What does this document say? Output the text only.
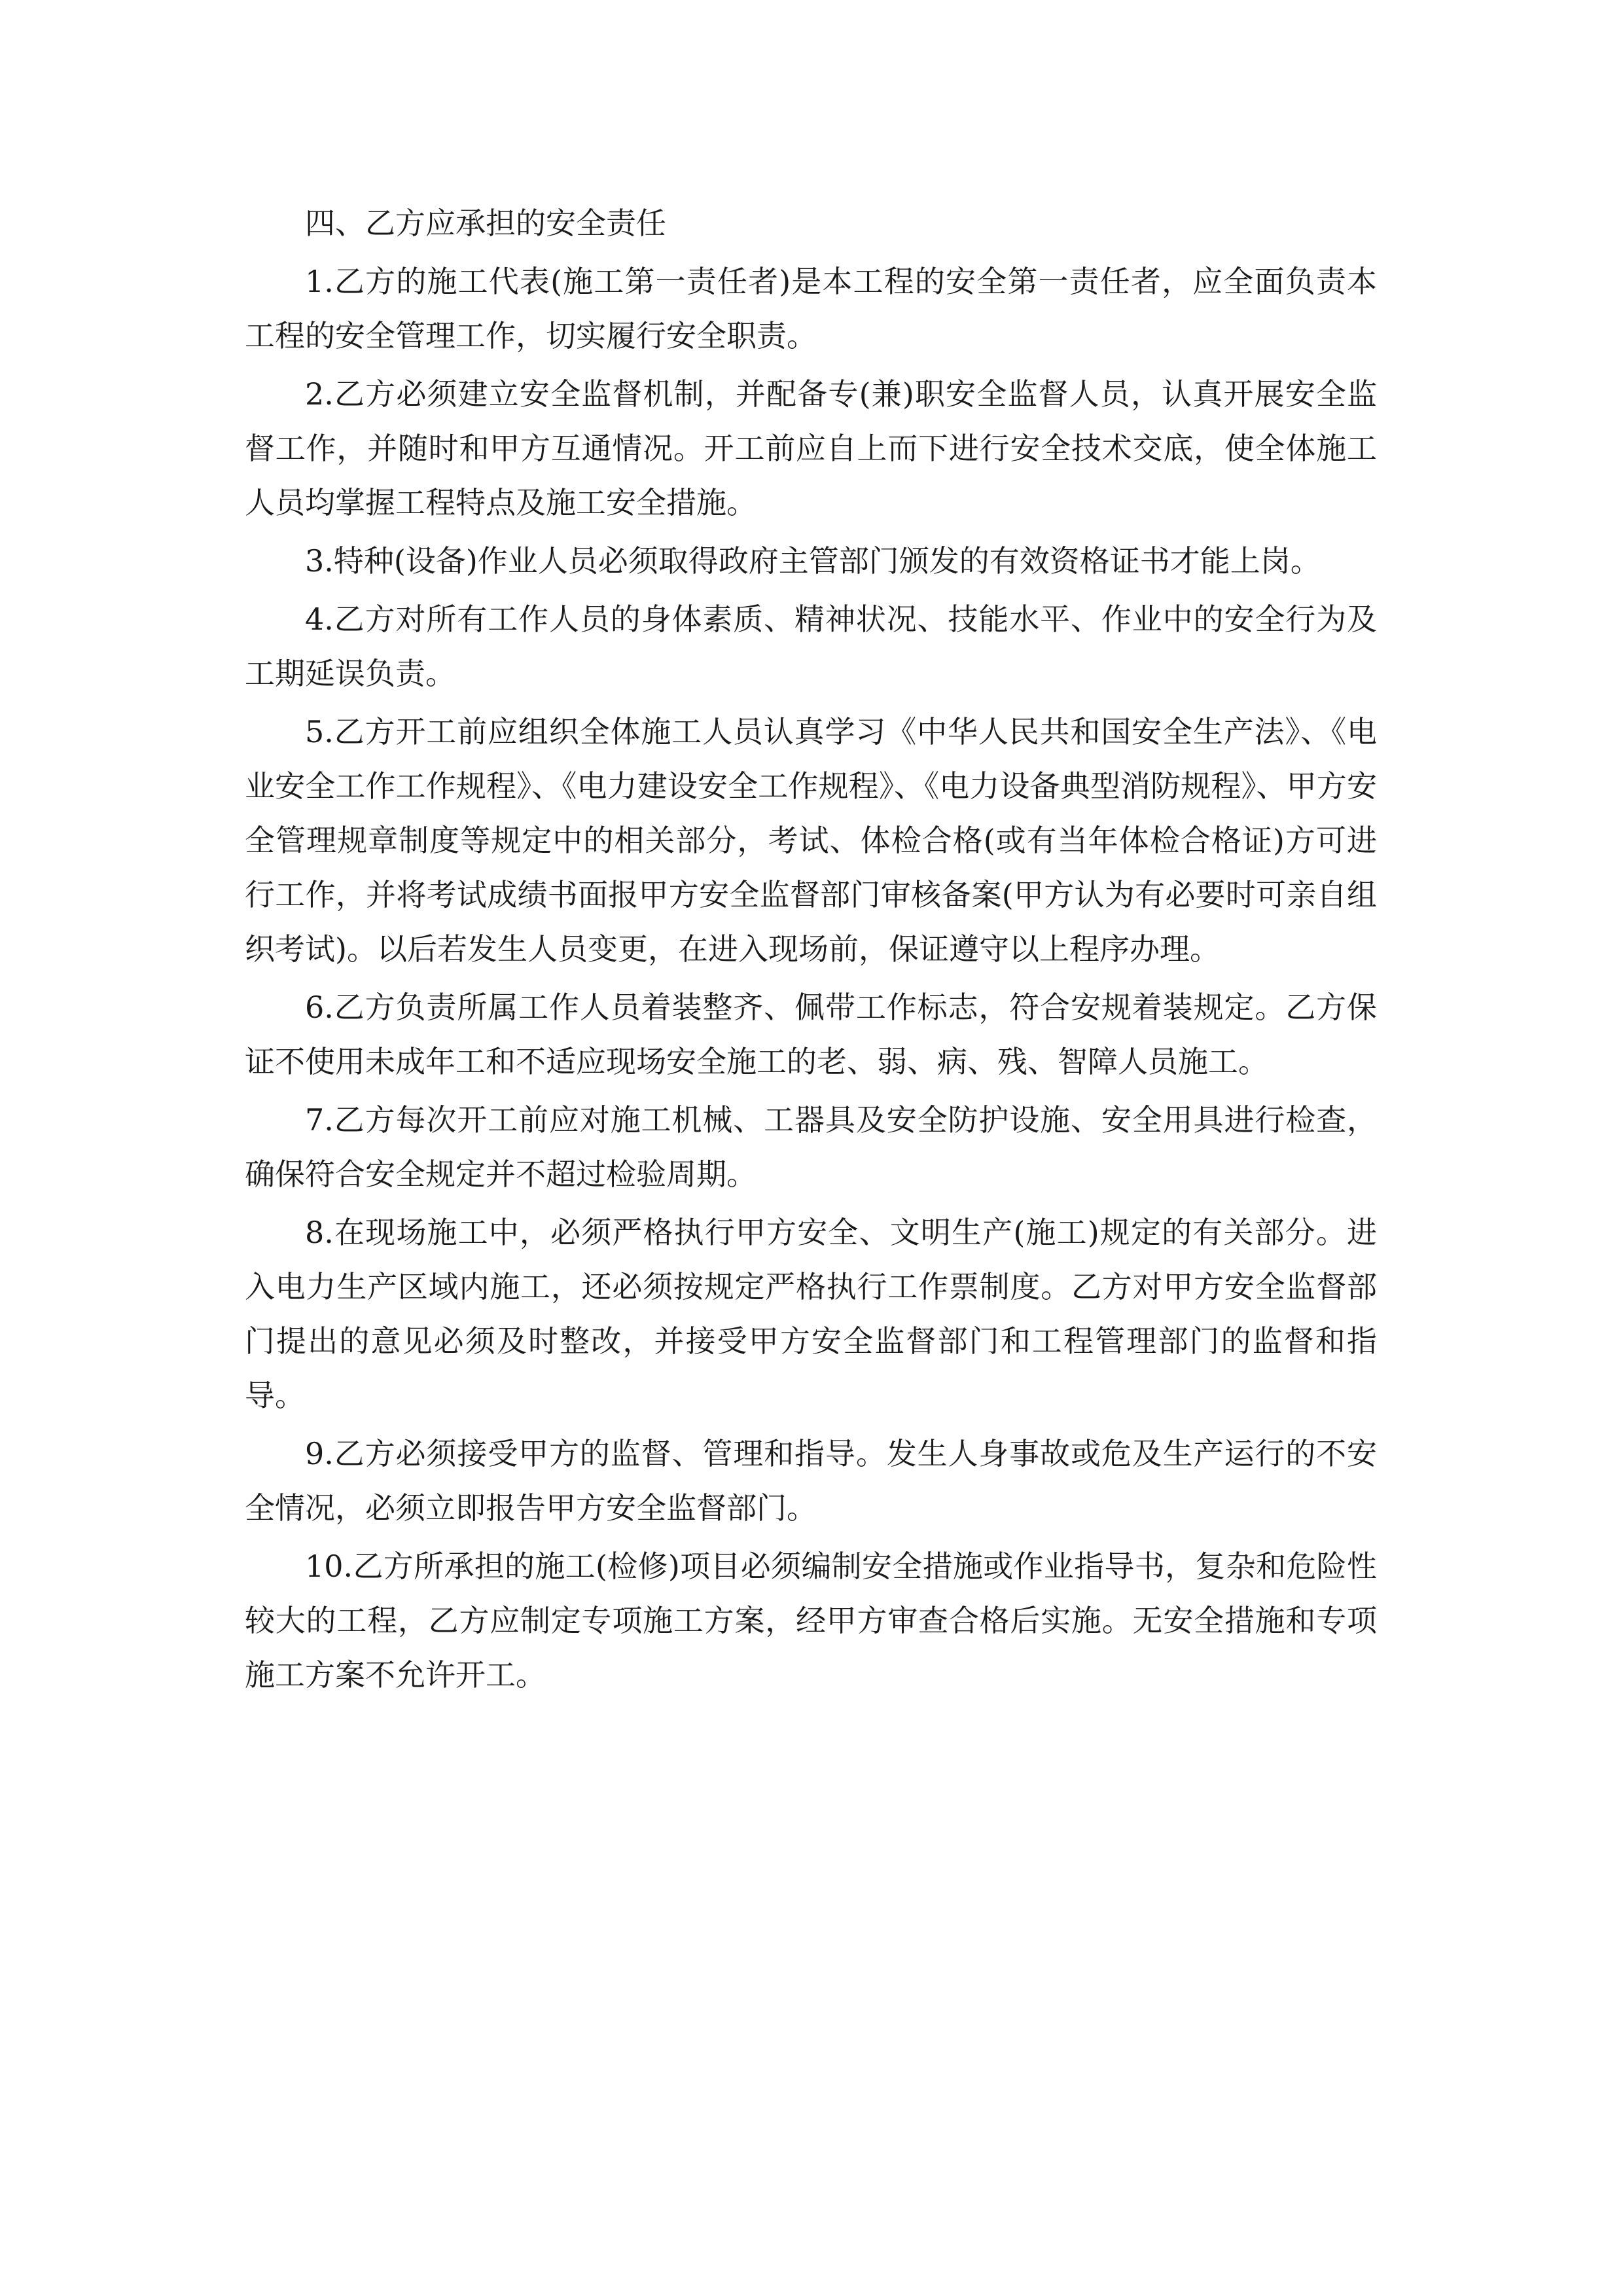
四、乙方应承担的安全责任

1.乙方的施工代表(施工第一责任者)是本工程的安全第一责任者，应全面负责本工程的安全管理工作，切实履行安全职责。

2.乙方必须建立安全监督机制，并配备专(兼)职安全监督人员，认真开展安全监督工作，并随时和甲方互通情况。开工前应自上而下进行安全技术交底，使全体施工人员均掌握工程特点及施工安全措施。

3.特种(设备)作业人员必须取得政府主管部门颁发的有效资格证书才能上岗。

4.乙方对所有工作人员的身体素质、精神状况、技能水平、作业中的安全行为及工期延误负责。

5.乙方开工前应组织全体施工人员认真学习《中华人民共和国安全生产法》、《电业安全工作工作规程》、《电力建设安全工作规程》、《电力设备典型消防规程》、甲方安全管理规章制度等规定中的相关部分，考试、体检合格(或有当年体检合格证)方可进行工作，并将考试成绩书面报甲方安全监督部门审核备案(甲方认为有必要时可亲自组织考试)。以后若发生人员变更，在进入现场前，保证遵守以上程序办理。

6.乙方负责所属工作人员着装整齐、佩带工作标志，符合安规着装规定。乙方保证不使用未成年工和不适应现场安全施工的老、弱、病、残、智障人员施工。

7.乙方每次开工前应对施工机械、工器具及安全防护设施、安全用具进行检查，确保符合安全规定并不超过检验周期。

8.在现场施工中，必须严格执行甲方安全、文明生产(施工)规定的有关部分。进入电力生产区域内施工，还必须按规定严格执行工作票制度。乙方对甲方安全监督部门提出的意见必须及时整改，并接受甲方安全监督部门和工程管理部门的监督和指导。

9.乙方必须接受甲方的监督、管理和指导。发生人身事故或危及生产运行的不安全情况，必须立即报告甲方安全监督部门。

10.乙方所承担的施工(检修)项目必须编制安全措施或作业指导书，复杂和危险性较大的工程，乙方应制定专项施工方案，经甲方审查合格后实施。无安全措施和专项施工方案不允许开工。
